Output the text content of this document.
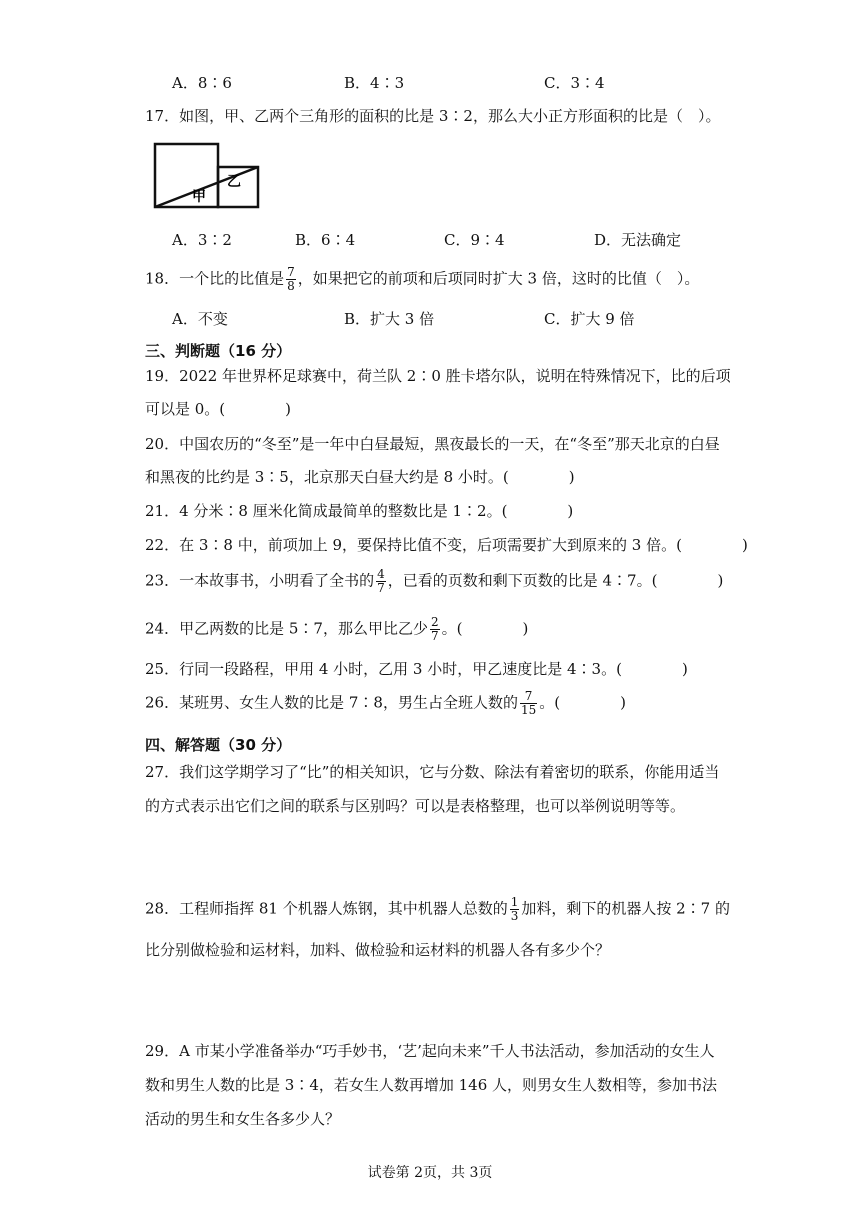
A．8∶6	B．4∶3	C．3∶4
17．如图，甲、乙两个三角形的面积的比是 3∶2，那么大小正方形面积的比是（　）。
甲
乙
A．3∶2	B．6∶4	C．9∶4	D．无法确定
18．一个比的比值是 $\frac{7}{8}$ ，如果把它的前项和后项同时扩大 3 倍，这时的比值（　）。
A．不变	B．扩大 3 倍	C．扩大 9 倍
三、判断题（16 分）
19．2022 年世界杯足球赛中，荷兰队 2∶0 胜卡塔尔队，说明在特殊情况下，比的后项
可以是 0。(　　　　)
20．中国农历的“冬至”是一年中白昼最短，黑夜最长的一天，在“冬至”那天北京的白昼
和黑夜的比约是 3∶5，北京那天白昼大约是 8 小时。(　　　　)
21．4 分米∶8 厘米化简成最简单的整数比是 1∶2。(　　　　)
22．在 3∶8 中，前项加上 9，要保持比值不变，后项需要扩大到原来的 3 倍。(　　　　)
23．一本故事书，小明看了全书的 $\frac{4}{7}$ ，已看的页数和剩下页数的比是 4∶7。(　　　　)
24．甲乙两数的比是 5∶7，那么甲比乙少 $\frac{2}{7}$ 。(　　　　)
25．行同一段路程，甲用 4 小时，乙用 3 小时，甲乙速度比是 4∶3。(　　　　)
26．某班男、女生人数的比是 7∶8，男生占全班人数的 $\frac{7}{15}$ 。(　　　　)
四、解答题（30 分）
27．我们这学期学习了“比”的相关知识，它与分数、除法有着密切的联系，你能用适当
的方式表示出它们之间的联系与区别吗？可以是表格整理，也可以举例说明等等。
28．工程师指挥 81 个机器人炼钢，其中机器人总数的 $\frac{1}{3}$ 加料，剩下的机器人按 2∶7 的
比分别做检验和运材料，加料、做检验和运材料的机器人各有多少个？
29．A 市某小学准备举办“巧手妙书，‘艺’起向未来”千人书法活动，参加活动的女生人
数和男生人数的比是 3∶4，若女生人数再增加 146 人，则男女生人数相等，参加书法
活动的男生和女生各多少人？
试卷第 2页，共 3页
